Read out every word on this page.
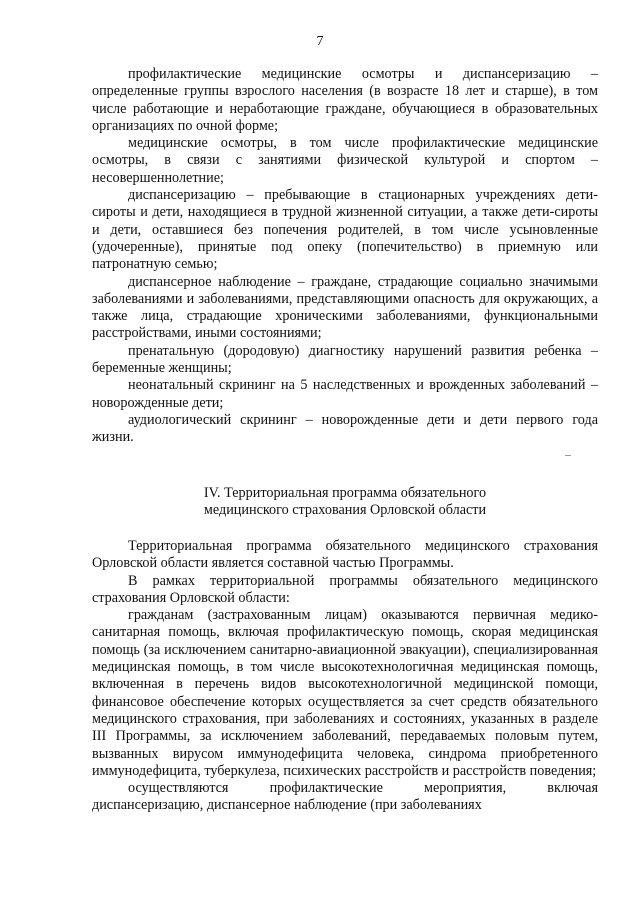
7

профилактические медицинские осмотры и диспансеризацию – определенные группы взрослого населения (в возрасте 18 лет и старше), в том числе работающие и неработающие граждане, обучающиеся в образовательных организациях по очной форме;

медицинские осмотры, в том числе профилактические медицинские осмотры, в связи с занятиями физической культурой и спортом – несовершеннолетние;

диспансеризацию – пребывающие в стационарных учреждениях дети-сироты и дети, находящиеся в трудной жизненной ситуации, а также дети-сироты и дети, оставшиеся без попечения родителей, в том числе усыновленные (удочеренные), принятые под опеку (попечительство) в приемную или патронатную семью;

диспансерное наблюдение – граждане, страдающие социально значимыми заболеваниями и заболеваниями, представляющими опасность для окружающих, а также лица, страдающие хроническими заболеваниями, функциональными расстройствами, иными состояниями;

пренатальную (дородовую) диагностику нарушений развития ребенка – беременные женщины;

неонатальный скрининг на 5 наследственных и врожденных заболеваний – новорожденные дети;

аудиологический скрининг – новорожденные дети и дети первого года жизни.

IV. Территориальная программа обязательного
медицинского страхования Орловской области

Территориальная программа обязательного медицинского страхования Орловской области является составной частью Программы.

В рамках территориальной программы обязательного медицинского страхования Орловской области:

гражданам (застрахованным лицам) оказываются первичная медико-санитарная помощь, включая профилактическую помощь, скорая медицинская помощь (за исключением санитарно-авиационной эвакуации), специализированная медицинская помощь, в том числе высокотехнологичная медицинская помощь, включенная в перечень видов высокотехнологичной медицинской помощи, финансовое обеспечение которых осуществляется за счет средств обязательного медицинского страхования, при заболеваниях и состояниях, указанных в разделе III Программы, за исключением заболеваний, передаваемых половым путем, вызванных вирусом иммунодефицита человека, синдрома приобретенного иммунодефицита, туберкулеза, психических расстройств и расстройств поведения;

осуществляются профилактические мероприятия, включая диспансеризацию, диспансерное наблюдение (при заболеваниях
